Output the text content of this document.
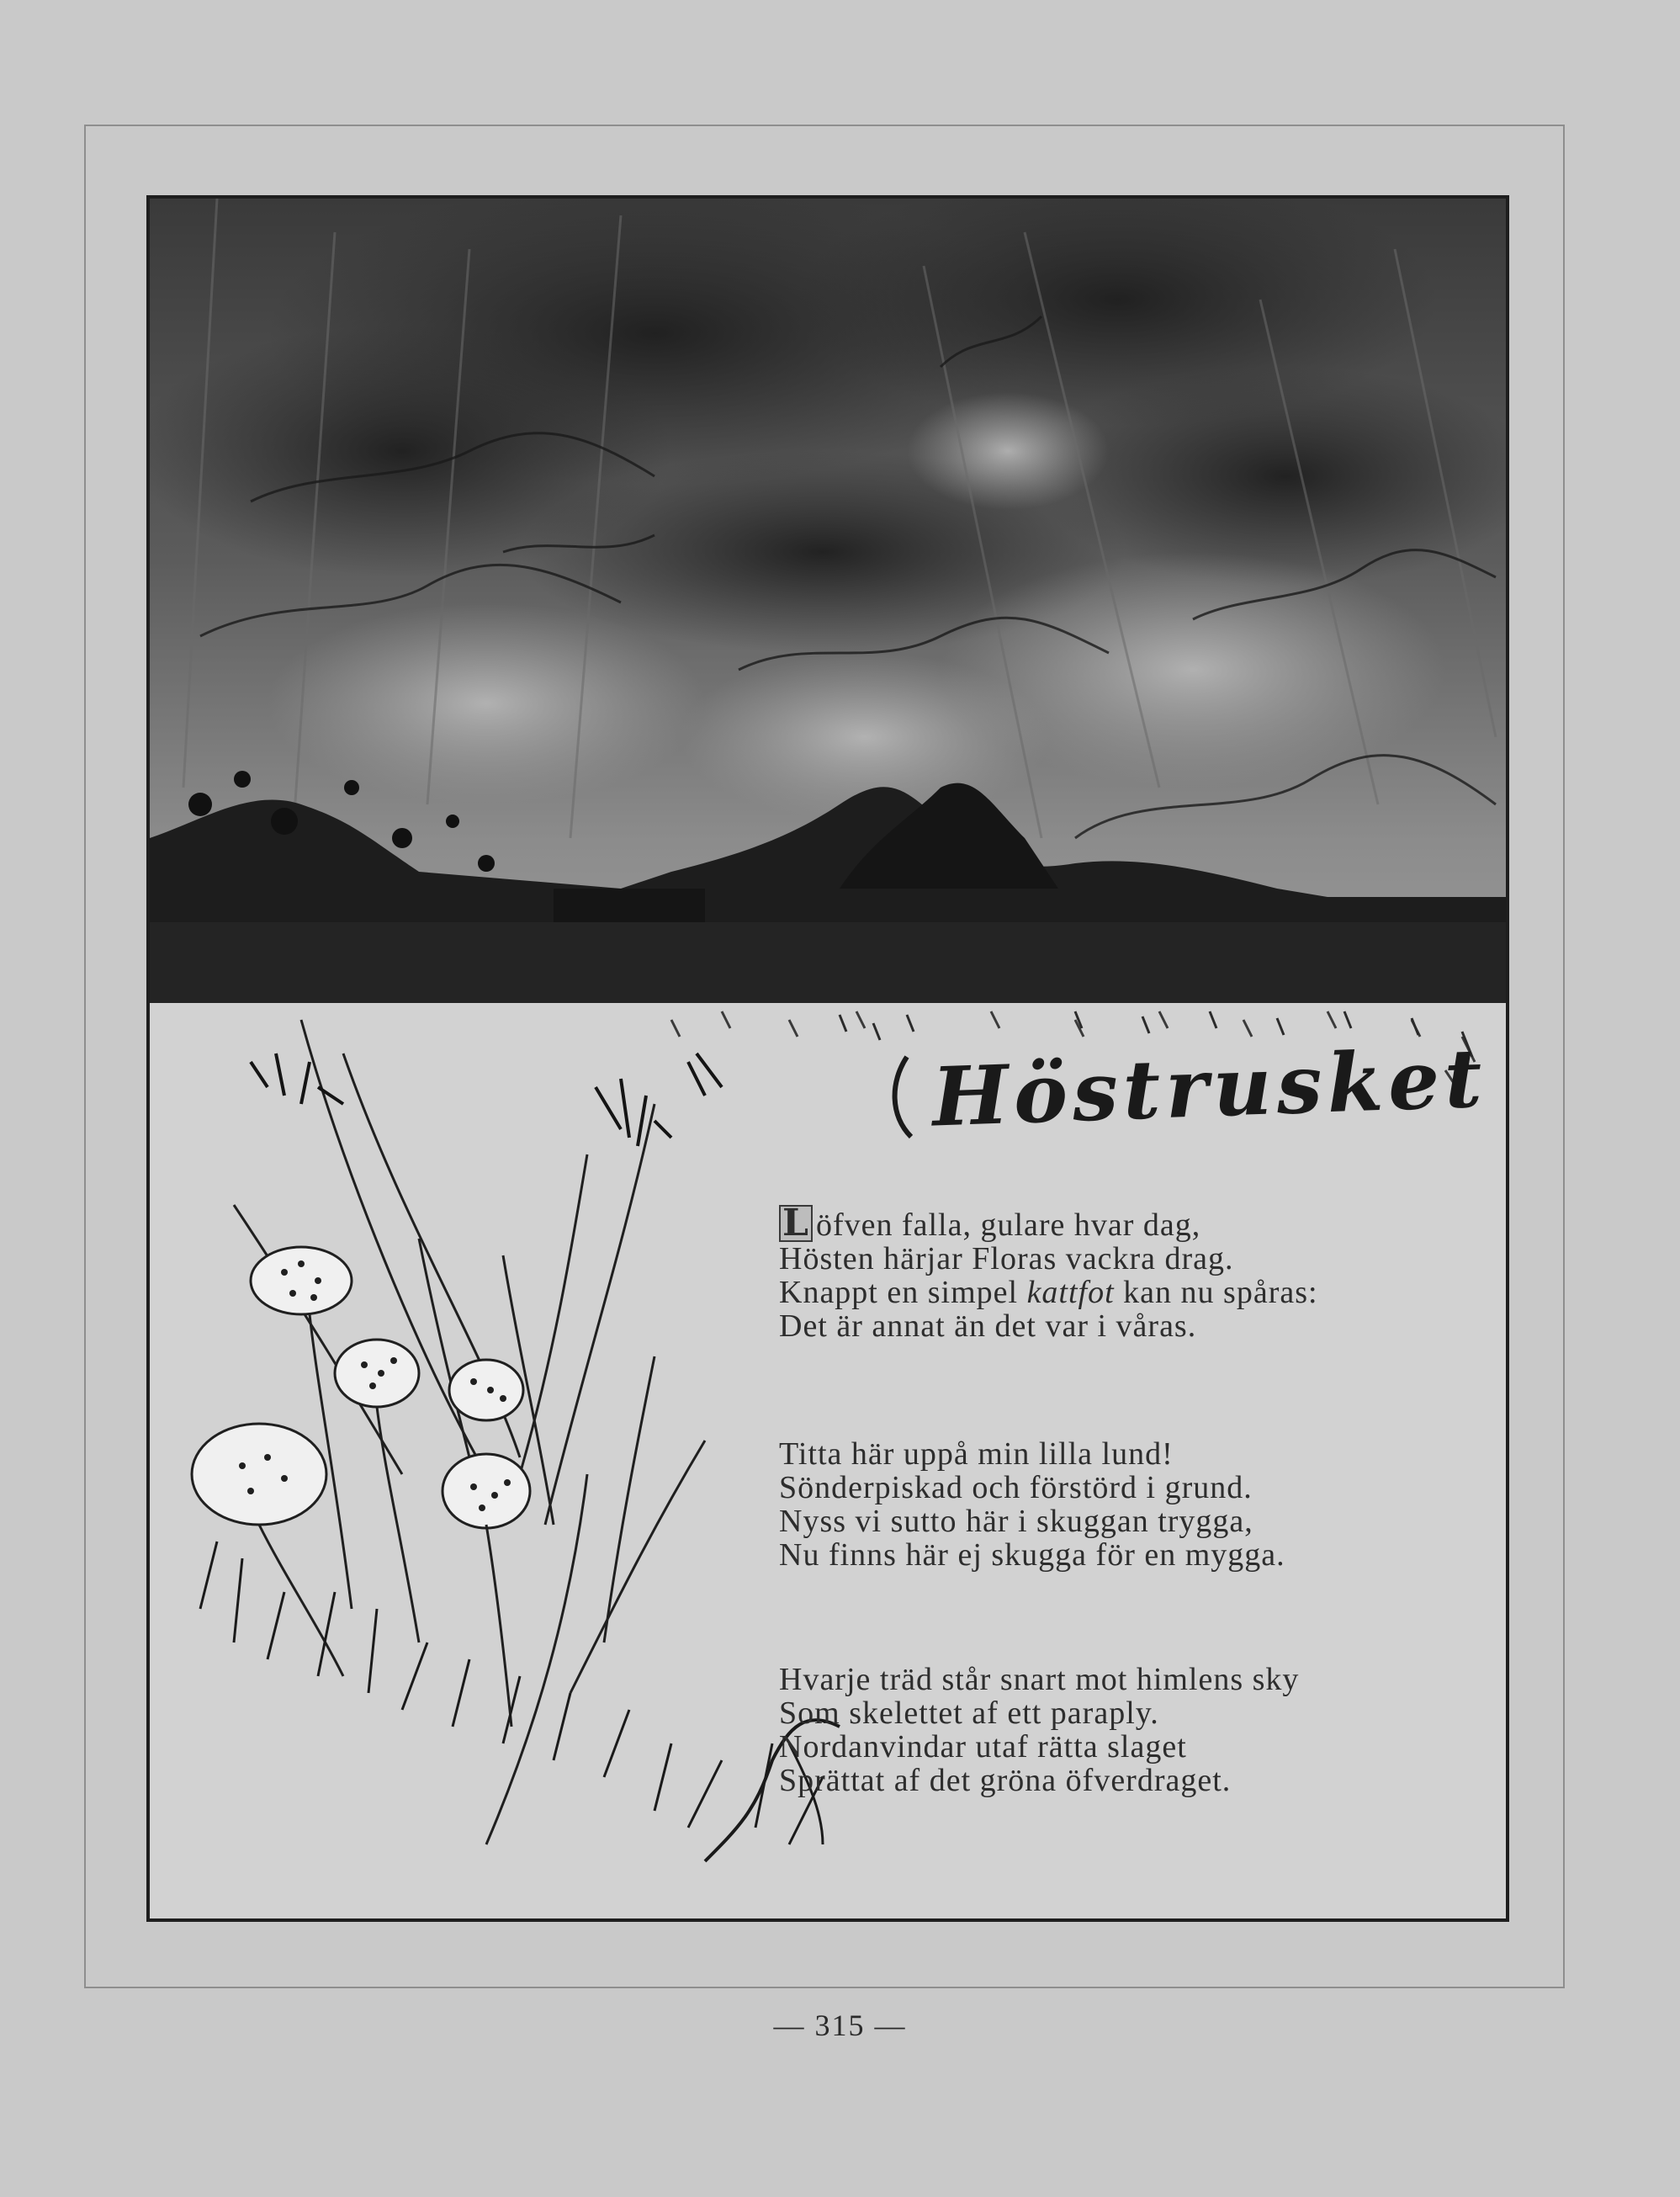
Höstrusket
L öfven falla, gulare hvar dag,
Hösten härjar Floras vackra drag.
Knappt en simpel kattfot kan nu spåras:
Det är annat än det var i våras.
Titta här uppå min lilla lund!
Sönderpiskad och förstörd i grund.
Nyss vi sutto här i skuggan trygga,
Nu finns här ej skugga för en mygga.
Hvarje träd står snart mot himlens sky
Som skelettet af ett paraply.
Nordanvindar utaf rätta slaget
Sprättat af det gröna öfverdraget.
— 315 —
